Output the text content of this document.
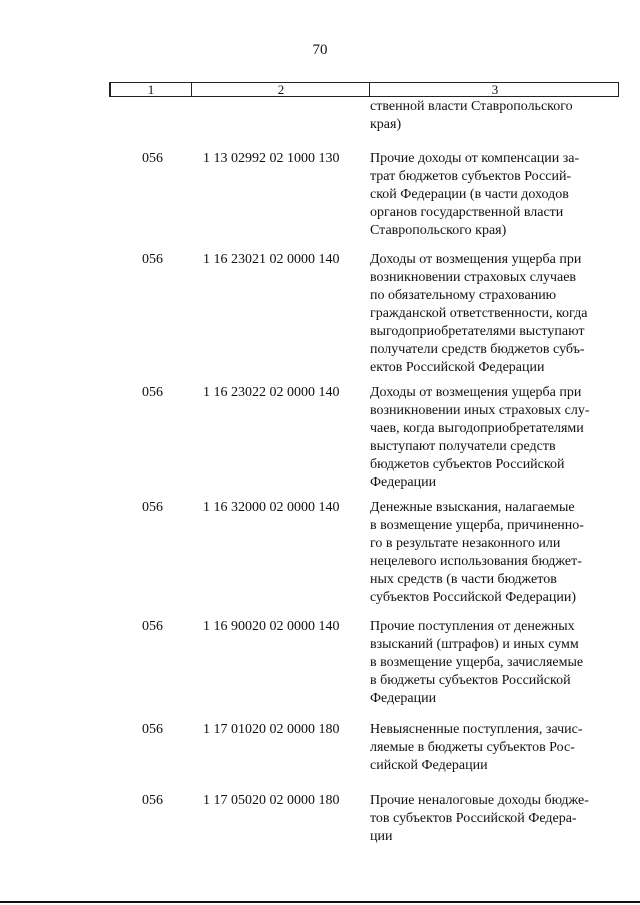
70
1	2	3
ственной власти Ставропольского
края)
056	1 13 02992 02 1000 130 Прочие доходы от компенсации за-
трат бюджетов субъектов Россий-
ской Федерации (в части доходов
органов государственной власти
Ставропольского края)
056	1 16 23021 02 0000 140 Доходы от возмещения ущерба при
возникновении страховых случаев
по обязательному страхованию
гражданской ответственности, когда
выгодоприобретателями выступают
получатели средств бюджетов субъ-
ектов Российской Федерации
056	1 16 23022 02 0000 140 Доходы от возмещения ущерба при
возникновении иных страховых слу-
чаев, когда выгодоприобретателями
выступают получатели средств
бюджетов субъектов Российской
Федерации
056	1 16 32000 02 0000 140 Денежные взыскания, налагаемые
в возмещение ущерба, причиненно-
го в результате незаконного или
нецелевого использования бюджет-
ных средств (в части бюджетов
субъектов Российской Федерации)
056	1 16 90020 02 0000 140 Прочие поступления от денежных
взысканий (штрафов) и иных сумм
в возмещение ущерба, зачисляемые
в бюджеты субъектов Российской
Федерации
056	1 17 01020 02 0000 180 Невыясненные поступления, зачис-
ляемые в бюджеты субъектов Рос-
сийской Федерации
056	1 17 05020 02 0000 180 Прочие неналоговые доходы бюдже-
тов субъектов Российской Федера-
ции
